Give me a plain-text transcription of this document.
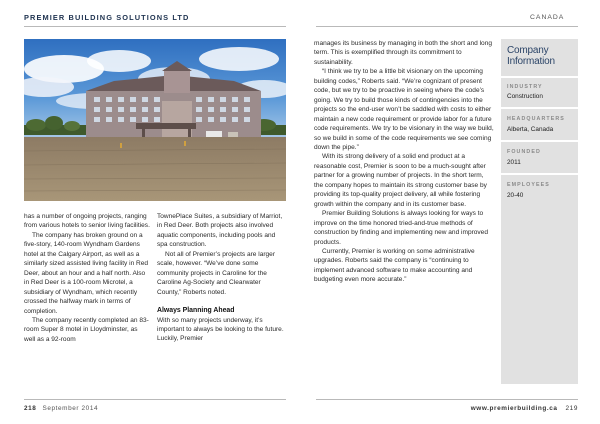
PREMIER BUILDING SOLUTIONS LTD	CANADA

has a number of ongoing projects, ranging from various hotels to senior living facilities.

The company has broken ground on a five-story, 140-room Wyndham Gardens hotel at the Calgary Airport, as well as a similarly sized assisted living facility in Red Deer, about an hour and a half north. Also in Red Deer is a 100-room Microtel, a subsidiary of Wyndham, which recently crossed the halfway mark in terms of completion.

The company recently completed an 83-room Super 8 motel in Lloydminster, as well as a 92-room

TownePlace Suites, a subsidiary of Marriot, in Red Deer. Both projects also involved aquatic components, including pools and spa construction.

Not all of Premier’s projects are larger scale, however. “We’ve done some community projects in Caroline for the Caroline Ag-Society and Clearwater County,” Roberts noted.

Always Planning Ahead

With so many projects underway, it’s important to always be looking to the future. Luckily, Premier

manages its business by managing in both the short and long term. This is exemplified through its commitment to sustainability.

“I think we try to be a little bit visionary on the upcoming building codes,” Roberts said. “We’re cognizant of present code, but we try to be proactive in seeing where the code’s going. We try to build those kinds of contingencies into the projects so the end-user won’t be saddled with costs to either maintain a new code requirement or provide labor for a future code requirements. We try to be visionary in the way we build, so we build in some of the code requirements we see coming down the pipe.”

With its strong delivery of a solid end product at a reasonable cost, Premier is soon to be a much-sought after partner for a growing number of projects. In the short term, the company hopes to maintain its strong customer base by providing its top-quality project delivery, all while fostering growth within the company and in its customer base.

Premier Building Solutions is always looking for ways to improve on the time honored tried-and-true methods of construction by finding and implementing new and improved products.

Currently, Premier is working on some administrative upgrades. Roberts said the company is “continuing to implement advanced software to make accounting and budgeting even more accurate.”

Company
Information
INDUSTRY
Construction
HEADQUARTERS
Alberta, Canada
FOUNDED
2011
EMPLOYEES
20-40
218 September 2014	www.premierbuilding.ca 219
